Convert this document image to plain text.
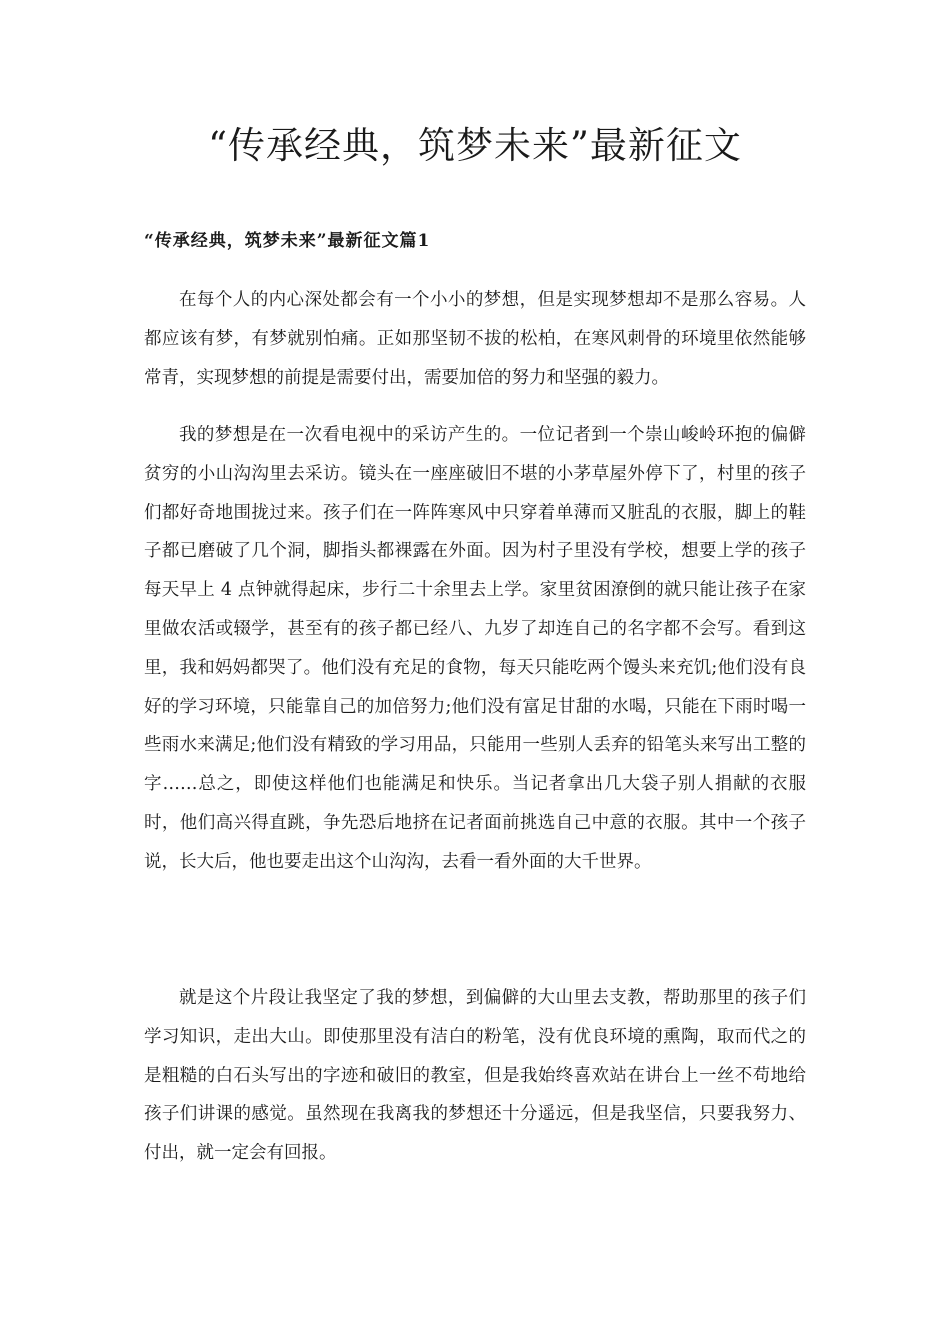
“传承经典，筑梦未来”最新征文
“传承经典，筑梦未来”最新征文篇1

在每个人的内心深处都会有一个小小的梦想，但是实现梦想却不是那么容易。人都应该有梦，有梦就别怕痛。正如那坚韧不拔的松柏，在寒风刺骨的环境里依然能够常青，实现梦想的前提是需要付出，需要加倍的努力和坚强的毅力。

我的梦想是在一次看电视中的采访产生的。一位记者到一个崇山峻岭环抱的偏僻贫穷的小山沟沟里去采访。镜头在一座座破旧不堪的小茅草屋外停下了，村里的孩子们都好奇地围拢过来。孩子们在一阵阵寒风中只穿着单薄而又脏乱的衣服，脚上的鞋子都已磨破了几个洞，脚指头都裸露在外面。因为村子里没有学校，想要上学的孩子每天早上 4 点钟就得起床，步行二十余里去上学。家里贫困潦倒的就只能让孩子在家里做农活或辍学，甚至有的孩子都已经八、九岁了却连自己的名字都不会写。看到这里，我和妈妈都哭了。他们没有充足的食物，每天只能吃两个馒头来充饥;他们没有良好的学习环境，只能靠自己的加倍努力;他们没有富足甘甜的水喝，只能在下雨时喝一些雨水来满足;他们没有精致的学习用品，只能用一些别人丢弃的铅笔头来写出工整的字……总之，即使这样他们也能满足和快乐。当记者拿出几大袋子别人捐献的衣服时，他们高兴得直跳，争先恐后地挤在记者面前挑选自己中意的衣服。其中一个孩子说，长大后，他也要走出这个山沟沟，去看一看外面的大千世界。

就是这个片段让我坚定了我的梦想，到偏僻的大山里去支教，帮助那里的孩子们学习知识，走出大山。即使那里没有洁白的粉笔，没有优良环境的熏陶，取而代之的是粗糙的白石头写出的字迹和破旧的教室，但是我始终喜欢站在讲台上一丝不苟地给孩子们讲课的感觉。虽然现在我离我的梦想还十分遥远，但是我坚信，只要我努力、付出，就一定会有回报。
